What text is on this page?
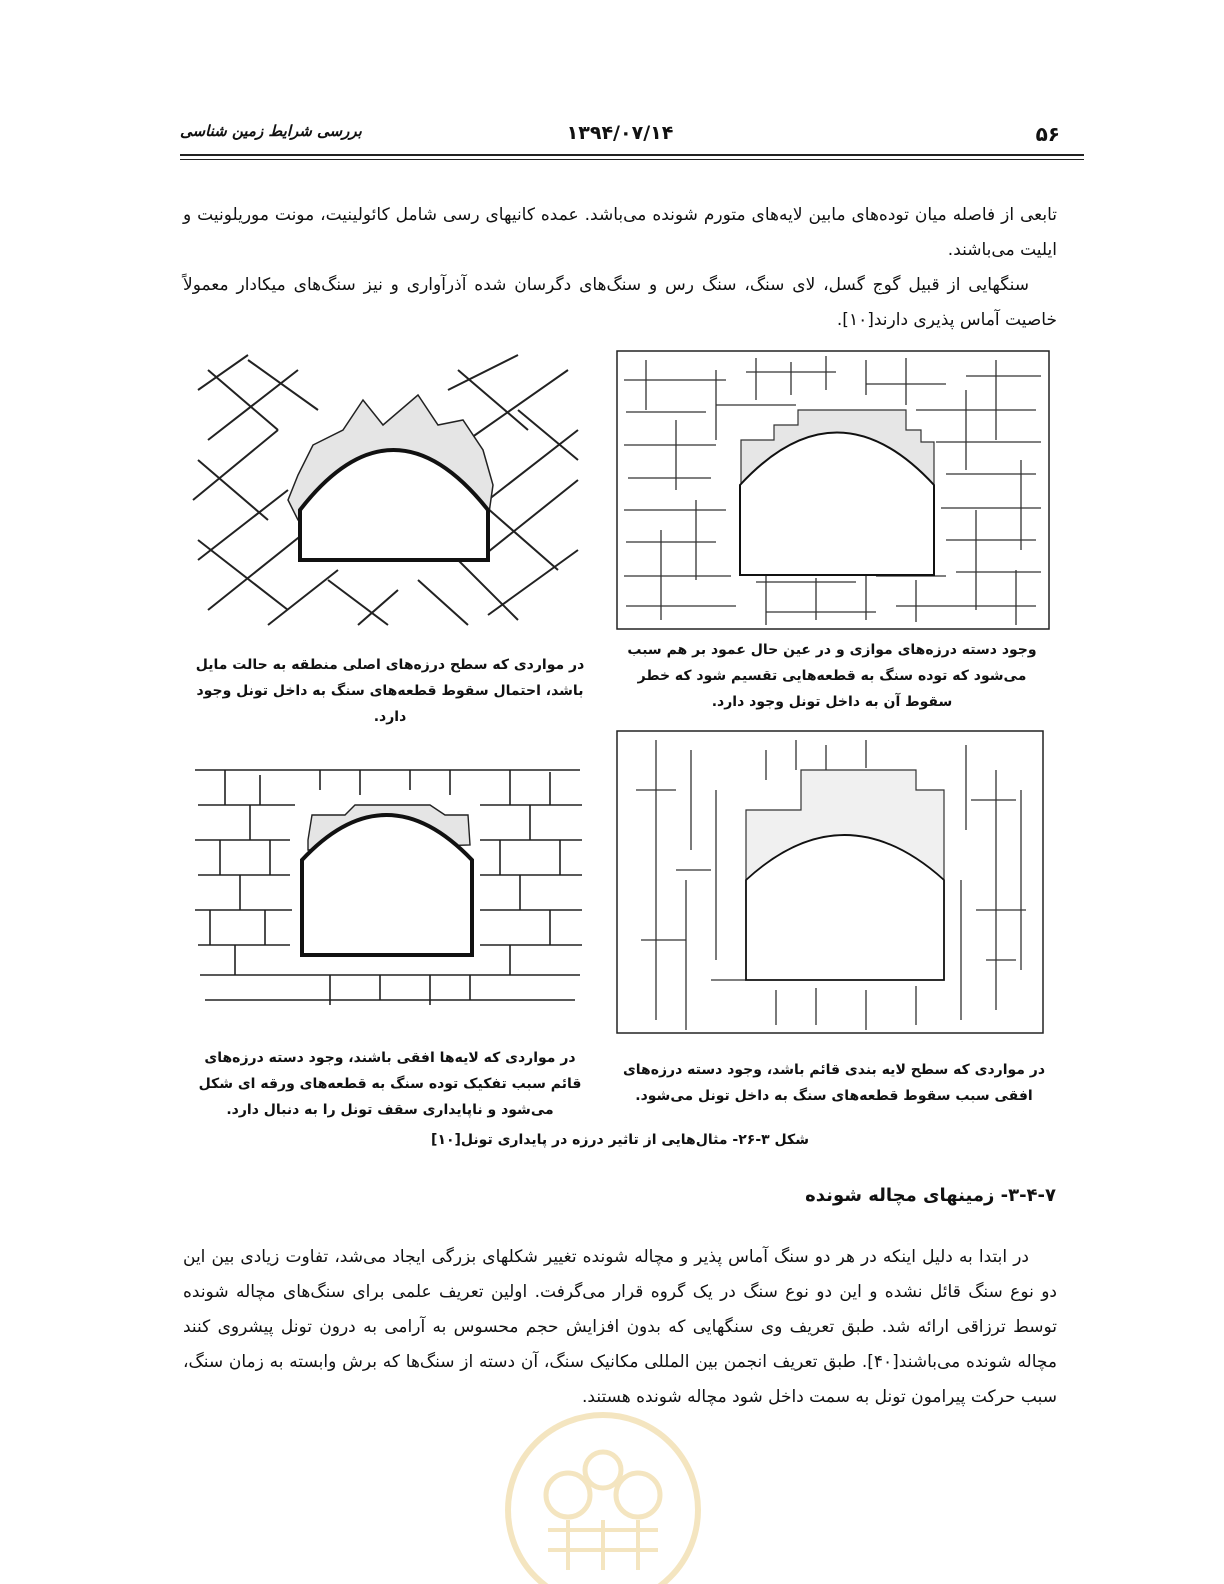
۵۶
۱۳۹۴/۰۷/۱۴
بررسی شرایط زمین شناسی

تابعی از فاصله میان توده‌های مابین لایه‌های متورم شونده می‌باشد. عمده کانیهای رسی شامل کائولینیت، مونت موریلونیت و ایلیت می‌باشند.

سنگهایی از قبیل گوج گسل، لای سنگ، سنگ رس و سنگ‌های دگرسان شده آذرآواری و نیز سنگ‌های میکادار معمولاً خاصیت آماس پذیری دارند[۱۰].

وجود دسته درزه‌های موازی و در عین حال عمود بر هم سبب می‌شود که توده سنگ به قطعه‌هایی تقسیم شود که خطر سقوط آن به داخل تونل وجود دارد.
در مواردی که سطح درزه‌های اصلی منطقه به حالت مایل باشد، احتمال سقوط قطعه‌های سنگ به داخل تونل وجود دارد.
در مواردی که سطح لایه بندی قائم باشد، وجود دسته درزه‌های افقی سبب سقوط قطعه‌های سنگ به داخل تونل می‌شود.
در مواردی که لایه‌ها افقی باشند، وجود دسته درزه‌های قائم سبب تفکیک توده سنگ به قطعه‌های ورقه ای شکل می‌شود و ناپایداری سقف تونل را به دنبال دارد.
شکل ۳-۲۶- مثال‌هایی از تاثیر درزه در پایداری تونل[۱۰]
۳-۴-۷- زمینهای مچاله شونده

در ابتدا به دلیل اینکه در هر دو سنگ آماس پذیر و مچاله شونده تغییر شکلهای بزرگی ایجاد می‌شد، تفاوت زیادی بین این دو نوع سنگ قائل نشده و این دو نوع سنگ در یک گروه قرار می‌گرفت. اولین تعریف علمی برای سنگ‌های مچاله شونده توسط ترزاقی ارائه شد. طبق تعریف وی سنگهایی که بدون افزایش حجم محسوس به آرامی به درون تونل پیشروی کنند مچاله شونده می‌باشند[۴۰]. طبق تعریف انجمن بین المللی مکانیک سنگ، آن دسته از سنگ‌ها که برش وابسته به زمان سنگ، سبب حرکت پیرامون تونل به سمت داخل شود مچاله شونده هستند.
